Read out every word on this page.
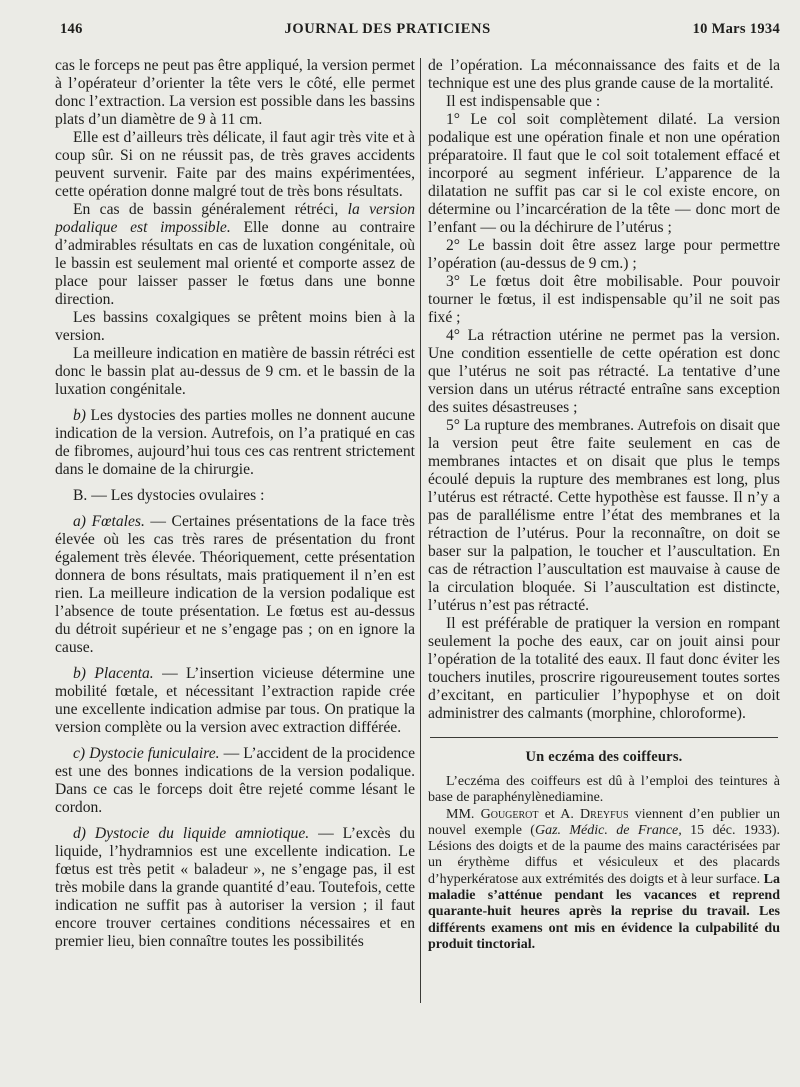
146	JOURNAL DES PRATICIENS	10 Mars 1934

cas le forceps ne peut pas être appliqué, la version permet à l’opérateur d’orienter la tête vers le côté, elle permet donc l’extraction. La version est possible dans les bassins plats d’un diamètre de 9 à 11 cm.

Elle est d’ailleurs très délicate, il faut agir très vite et à coup sûr. Si on ne réussit pas, de très graves accidents peuvent survenir. Faite par des mains expérimentées, cette opération donne malgré tout de très bons résultats.

En cas de bassin généralement rétréci, la version podalique est impossible. Elle donne au contraire d’admirables résultats en cas de luxation congénitale, où le bassin est seulement mal orienté et comporte assez de place pour laisser passer le fœtus dans une bonne direction.

Les bassins coxalgiques se prêtent moins bien à la version.

La meilleure indication en matière de bassin rétréci est donc le bassin plat au-dessus de 9 cm. et le bassin de la luxation congénitale.

b) Les dystocies des parties molles ne donnent aucune indication de la version. Autrefois, on l’a pratiqué en cas de fibromes, aujourd’hui tous ces cas rentrent strictement dans le domaine de la chirurgie.

B. — Les dystocies ovulaires :

a) Fœtales. — Certaines présentations de la face très élevée où les cas très rares de présentation du front également très élevée. Théoriquement, cette présentation donnera de bons résultats, mais pratiquement il n’en est rien. La meilleure indication de la version podalique est l’absence de toute présentation. Le fœtus est au-dessus du détroit supérieur et ne s’engage pas ; on en ignore la cause.

b) Placenta. — L’insertion vicieuse détermine une mobilité fœtale, et nécessitant l’extraction rapide crée une excellente indication admise par tous. On pratique la version complète ou la version avec extraction différée.

c) Dystocie funiculaire. — L’accident de la procidence est une des bonnes indications de la version podalique. Dans ce cas le forceps doit être rejeté comme lésant le cordon.

d) Dystocie du liquide amniotique. — L’excès du liquide, l’hydramnios est une excellente indication. Le fœtus est très petit « baladeur », ne s’engage pas, il est très mobile dans la grande quantité d’eau. Toutefois, cette indication ne suffit pas à autoriser la version ; il faut encore trouver certaines conditions nécessaires et en premier lieu, bien connaître toutes les possibilités

de l’opération. La méconnaissance des faits et de la technique est une des plus grande cause de la mortalité.

Il est indispensable que :

1° Le col soit complètement dilaté. La version podalique est une opération finale et non une opération préparatoire. Il faut que le col soit totalement effacé et incorporé au segment inférieur. L’apparence de la dilatation ne suffit pas car si le col existe encore, on détermine ou l’incarcération de la tête — donc mort de l’enfant — ou la déchirure de l’utérus ;

2° Le bassin doit être assez large pour permettre l’opération (au-dessus de 9 cm.) ;

3° Le fœtus doit être mobilisable. Pour pouvoir tourner le fœtus, il est indispensable qu’il ne soit pas fixé ;

4° La rétraction utérine ne permet pas la version. Une condition essentielle de cette opération est donc que l’utérus ne soit pas rétracté. La tentative d’une version dans un utérus rétracté entraîne sans exception des suites désastreuses ;

5° La rupture des membranes. Autrefois on disait que la version peut être faite seulement en cas de membranes intactes et on disait que plus le temps écoulé depuis la rupture des membranes est long, plus l’utérus est rétracté. Cette hypothèse est fausse. Il n’y a pas de parallélisme entre l’état des membranes et la rétraction de l’utérus. Pour la reconnaître, on doit se baser sur la palpation, le toucher et l’auscultation. En cas de rétraction l’auscultation est mauvaise à cause de la circulation bloquée. Si l’auscultation est distincte, l’utérus n’est pas rétracté.

Il est préférable de pratiquer la version en rompant seulement la poche des eaux, car on jouit ainsi pour l’opération de la totalité des eaux. Il faut donc éviter les touchers inutiles, proscrire rigoureusement toutes sortes d’excitant, en particulier l’hypophyse et on doit administrer des calmants (morphine, chloroforme).

Un eczéma des coiffeurs.

L’eczéma des coiffeurs est dû à l’emploi des teintures à base de paraphénylènediamine.

MM. Gougerot et A. Dreyfus viennent d’en publier un nouvel exemple (Gaz. Médic. de France, 15 déc. 1933). Lésions des doigts et de la paume des mains caractérisées par un érythème diffus et vésiculeux et des placards d’hyperkératose aux extrémités des doigts et à leur surface. La maladie s’atténue pendant les vacances et reprend quarante-huit heures après la reprise du travail. Les différents examens ont mis en évidence la culpabilité du produit tinctorial.
